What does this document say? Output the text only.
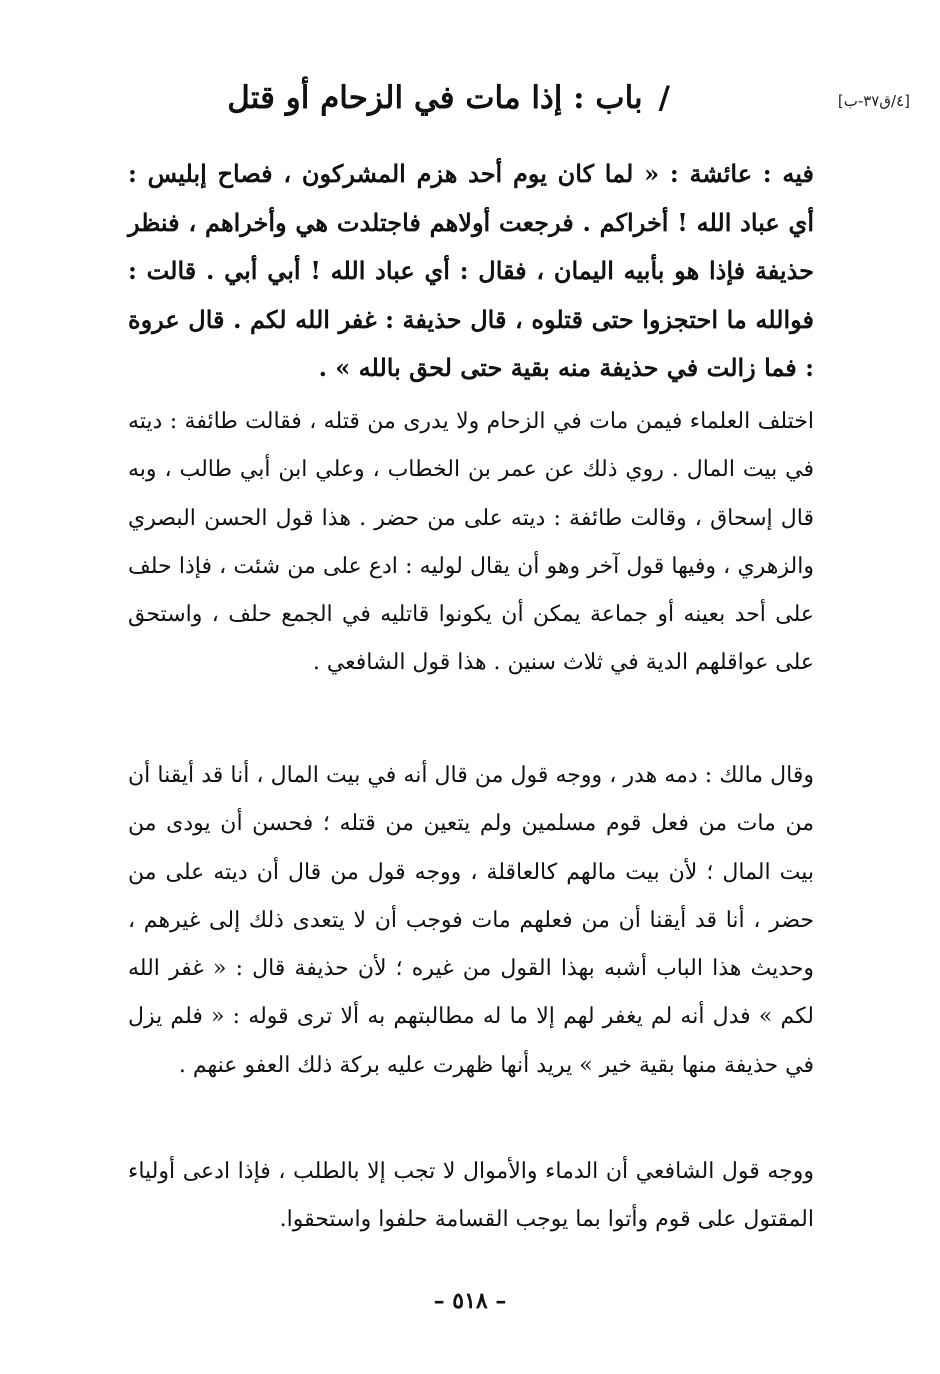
[٤/ق٣٧-ب]
/باب : إذا مات في الزحام أو قتل
فيه : عائشة : « لما كان يوم أحد هزم المشركون ، فصاح إبليس : أي عباد الله ! أخراكم . فرجعت أولاهم فاجتلدت هي وأخراهم ، فنظر حذيفة فإذا هو بأبيه اليمان ، فقال : أي عباد الله ! أبي أبي . قالت : فوالله ما احتجزوا حتى قتلوه ، قال حذيفة : غفر الله لكم . قال عروة : فما زالت في حذيفة منه بقية حتى لحق بالله » .
اختلف العلماء فيمن مات في الزحام ولا يدرى من قتله ، فقالت طائفة : ديته في بيت المال . روي ذلك عن عمر بن الخطاب ، وعلي ابن أبي طالب ، وبه قال إسحاق ، وقالت طائفة : ديته على من حضر . هذا قول الحسن البصري والزهري ، وفيها قول آخر وهو أن يقال لوليه : ادع على من شئت ، فإذا حلف على أحد بعينه أو جماعة يمكن أن يكونوا قاتليه في الجمع حلف ، واستحق على عواقلهم الدية في ثلاث سنين . هذا قول الشافعي .
وقال مالك : دمه هدر ، ووجه قول من قال أنه في بيت المال ، أنا قد أيقنا أن من مات من فعل قوم مسلمين ولم يتعين من قتله ؛ فحسن أن يودى من بيت المال ؛ لأن بيت مالهم كالعاقلة ، ووجه قول من قال أن ديته على من حضر ، أنا قد أيقنا أن من فعلهم مات فوجب أن لا يتعدى ذلك إلى غيرهم ، وحديث هذا الباب أشبه بهذا القول من غيره ؛ لأن حذيفة قال : « غفر الله لكم » فدل أنه لم يغفر لهم إلا ما له مطالبتهم به ألا ترى قوله : « فلم يزل في حذيفة منها بقية خير » يريد أنها ظهرت عليه بركة ذلك العفو عنهم .
ووجه قول الشافعي أن الدماء والأموال لا تجب إلا بالطلب ، فإذا ادعى أولياء المقتول على قوم وأتوا بما يوجب القسامة حلفوا واستحقوا.
– ٥١٨ –
